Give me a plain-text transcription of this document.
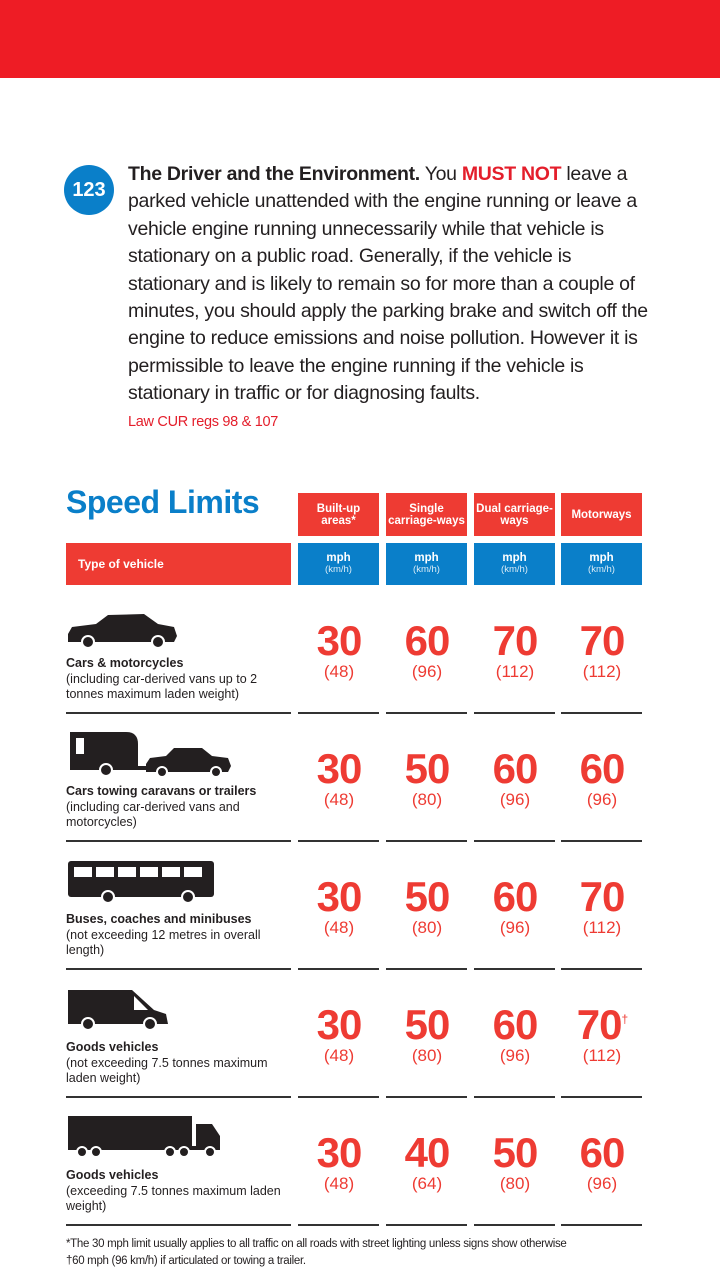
123
The Driver and the Environment. You MUST NOT leave a parked vehicle unattended with the engine running or leave a vehicle engine running unnecessarily while that vehicle is stationary on a public road. Generally, if the vehicle is stationary and is likely to remain so for more than a couple of minutes, you should apply the parking brake and switch off the engine to reduce emissions and noise pollution. However it is permissible to leave the engine running if the vehicle is stationary in traffic or for diagnosing faults.
Law CUR regs 98 & 107
Speed Limits
Type of vehicle
Built-up areas*
mph
(km/h)
Single carriage-ways
mph
(km/h)
Dual carriage-ways
mph
(km/h)
Motorways
mph
(km/h)
Cars & motorcycles
(including car-derived vans up to 2 tonnes maximum laden weight)
30
(48)
60
(96)
70
(112)
70
(112)
Cars towing caravans or trailers
(including car-derived vans and motorcycles)
30
(48)
50
(80)
60
(96)
60
(96)
Buses, coaches and minibuses
(not exceeding 12 metres in overall length)
30
(48)
50
(80)
60
(96)
70
(112)
Goods vehicles
(not exceeding 7.5 tonnes maximum laden weight)
30
(48)
50
(80)
60
(96)
70†
(112)
Goods vehicles
(exceeding 7.5 tonnes maximum laden weight)
30
(48)
40
(64)
50
(80)
60
(96)
*The 30 mph limit usually applies to all traffic on all roads with street lighting unless signs show otherwise
†60 mph (96 km/h) if articulated or towing a trailer.
